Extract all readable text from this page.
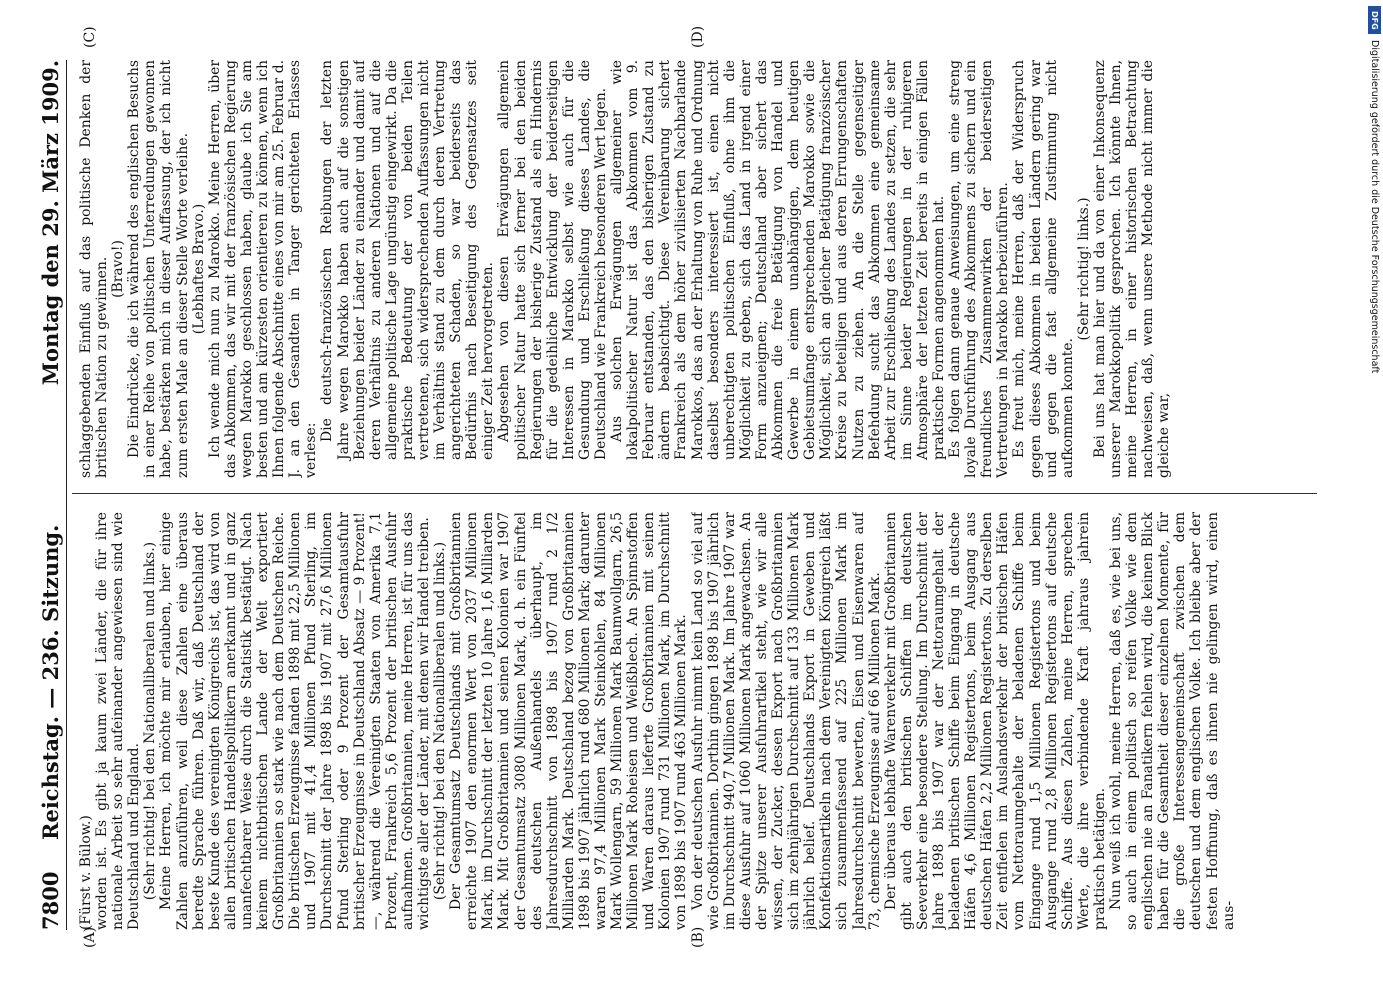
7800
Reichstag. — 236. Sitzung.
Montag den 29. März 1909.
(A)	(B)
(C)	(D)

(Fürst v. Bülow.) worden ist. Es gibt ja kaum zwei Länder, die für ihre nationale Arbeit so sehr aufeinander angewiesen sind wie Deutschland und England. (Sehr richtig! bei den Nationalliberalen und links.) Meine Herren, ich möchte mir erlauben, hier einige Zahlen anzuführen, weil diese Zahlen eine überaus beredte Sprache führen. Daß wir, daß Deutschland der beste Kunde des vereinigten Königreichs ist, das wird von allen britischen Handelspolitikern anerkannt und in ganz unanfechtbarer Weise durch die Statistik bestätigt. Nach keinem nichtbritischen Lande der Welt exportiert Großbritannien so stark wie nach dem Deutschen Reiche. Die britischen Erzeugnisse fanden 1898 mit 22,5 Millionen und 1907 mit 41,4 Millionen Pfund Sterling, im Durchschnitt der Jahre 1898 bis 1907 mit 27,6 Millionen Pfund Sterling oder 9 Prozent der Gesamtausfuhr britischer Erzeugnisse in Deutschland Absatz — 9 Prozent! —, während die Vereinigten Staaten von Amerika 7,1 Prozent, Frankreich 5,6 Prozent der britischen Ausfuhr aufnahmen. Großbritannien, meine Herren, ist für uns das wichtigste aller der Länder, mit denen wir Handel treiben. (Sehr richtig! bei den Nationalliberalen und links.) Der Gesamtumsatz Deutschlands mit Großbritannien erreichte 1907 den enormen Wert von 2037 Millionen Mark, im Durchschnitt der letzten 10 Jahre 1,6 Milliarden Mark. Mit Großbritannien und seinen Kolonien war 1907 der Gesamtumsatz 3080 Millionen Mark, d. h. ein Fünftel des deutschen Außenhandels überhaupt, im Jahresdurchschnitt von 1898 bis 1907 rund 2 1/2 Milliarden Mark. Deutschland bezog von Großbritannien 1898 bis 1907 jährlich rund 680 Millionen Mark; darunter waren 97,4 Millionen Mark Steinkohlen, 84 Millionen Mark Wollengarn, 59 Millionen Mark Baumwollgarn, 26,5 Millionen Mark Roheisen und Weißblech. An Spinnstoffen und Waren daraus lieferte Großbritannien mit seinen Kolonien 1907 rund 731 Millionen Mark, im Durchschnitt von 1898 bis 1907 rund 463 Millionen Mark. Von der deutschen Ausfuhr nimmt kein Land so viel auf wie Großbritannien. Dorthin gingen 1898 bis 1907 jährlich im Durchschnitt 940,7 Millionen Mark. Im Jahre 1907 war diese Ausfuhr auf 1060 Millionen Mark angewachsen. An der Spitze unserer Ausfuhrartikel steht, wie wir alle wissen, der Zucker, dessen Export nach Großbritannien sich im zehnjährigen Durchschnitt auf 133 Millionen Mark jährlich belief. Deutschlands Export in Geweben und Konfektionsartikeln nach dem Vereinigten Königreich läßt sich zusammenfassend auf 225 Millionen Mark im Jahresdurchschnitt bewerten, Eisen und Eisenwaren auf 73, chemische Erzeugnisse auf 66 Millionen Mark. Der überaus lebhafte Warenverkehr mit Großbritannien gibt auch den britischen Schiffen im deutschen Seeverkehr eine besondere Stellung. Im Durchschnitt der Jahre 1898 bis 1907 war der Nettoraumgehalt der beladenen britischen Schiffe beim Eingang in deutsche Häfen 4,6 Millionen Registertons, beim Ausgang aus deutschen Häfen 2,2 Millionen Registertons. Zu derselben Zeit entfielen im Auslandsverkehr der britischen Häfen vom Nettoraumgehalte der beladenen Schiffe beim Eingange rund 1,5 Millionen Registertons und beim Ausgange rund 2,8 Millionen Registertons auf deutsche Schiffe. Aus diesen Zahlen, meine Herren, sprechen Werte, die ihre verbindende Kraft jahraus jahrein praktisch betätigen. Nun weiß ich wohl, meine Herren, daß es, wie bei uns, so auch in einem politisch so reifen Volke wie dem englischen nie an Fanatikern fehlen wird, die keinen Blick haben für die Gesamtheit dieser einzelnen Momente, für die große Interessengemeinschaft zwischen dem deutschen und dem englischen Volke. Ich bleibe aber der festen Hoffnung, daß es ihnen nie gelingen wird, einen aus-

schlaggebenden Einfluß auf das politische Denken der britischen Nation zu gewinnen. (Bravo!) Die Eindrücke, die ich während des englischen Besuchs in einer Reihe von politischen Unterredungen gewonnen habe, bestärken mich in dieser Auffassung, der ich nicht zum ersten Male an dieser Stelle Worte verleihe. (Lebhaftes Bravo.) Ich wende mich nun zu Marokko. Meine Herren, über das Abkommen, das wir mit der französischen Regierung wegen Marokko geschlossen haben, glaube ich Sie am besten und am kürzesten orientieren zu können, wenn ich Ihnen folgende Abschnitte eines von mir am 25. Februar d. J. an den Gesandten in Tanger gerichteten Erlasses verlese:

Die deutsch-französischen Reibungen der letzten Jahre wegen Marokko haben auch auf die sonstigen Beziehungen beider Länder zu einander und damit auf deren Verhältnis zu anderen Nationen und auf die allgemeine politische Lage ungünstig eingewirkt. Da die praktische Bedeutung der von beiden Teilen vertretenen, sich widersprechenden Auffassungen nicht im Verhältnis stand zu dem durch deren Vertretung angerichteten Schaden, so war beiderseits das Bedürfnis nach Beseitigung des Gegensatzes seit einiger Zeit hervorgetreten. Abgesehen von diesen Erwägungen allgemein politischer Natur hatte sich ferner bei den beiden Regierungen der bisherige Zustand als ein Hindernis für die gedeihliche Entwicklung der beiderseitigen Interessen in Marokko selbst wie auch für die Gesundung und Erschließung dieses Landes, die Deutschland wie Frankreich besonderen Wert legen. Aus solchen Erwägungen allgemeiner wie lokalpolitischer Natur ist das Abkommen vom 9. Februar entstanden, das den bisherigen Zustand zu ändern beabsichtigt. Diese Vereinbarung sichert Frankreich als dem höher zivilisierten Nachbarlande Marokkos, das an der Erhaltung von Ruhe und Ordnung daselbst besonders interessiert ist, einen nicht unberechtigten politischen Einfluß, ohne ihm die Möglichkeit zu geben, sich das Land in irgend einer Form anzueignen; Deutschland aber sichert das Abkommen die freie Betätigung von Handel und Gewerbe in einem unabhängigen, dem heutigen Gebietsumfange entsprechenden Marokko sowie die Möglichkeit, sich an gleicher Betätigung französischer Kreise zu beteiligen und aus deren Errungenschaften Nutzen zu ziehen. An die Stelle gegenseitiger Befehdung sucht das Abkommen eine gemeinsame Arbeit zur Erschließung des Landes zu setzen, die sehr im Sinne beider Regierungen in der ruhigeren Atmosphäre der letzten Zeit bereits in einigen Fällen praktische Formen angenommen hat. Es folgen dann genaue Anweisungen, um eine streng loyale Durchführung des Abkommens zu sichern und ein freundliches Zusammenwirken der beiderseitigen Vertretungen in Marokko herbeizuführen. Es freut mich, meine Herren, daß der Widerspruch gegen dieses Abkommen in beiden Ländern gering war und gegen die fast allgemeine Zustimmung nicht aufkommen konnte.

(Sehr richtig! links.) Bei uns hat man hier und da von einer Inkonsequenz unserer Marokkopolitik gesprochen. Ich könnte Ihnen, meine Herren, in einer historischen Betrachtung nachweisen, daß, wenn unsere Methode nicht immer die gleiche war,

DFG
Digitalisierung gefördert durch die Deutsche Forschungsgemeinschaft
